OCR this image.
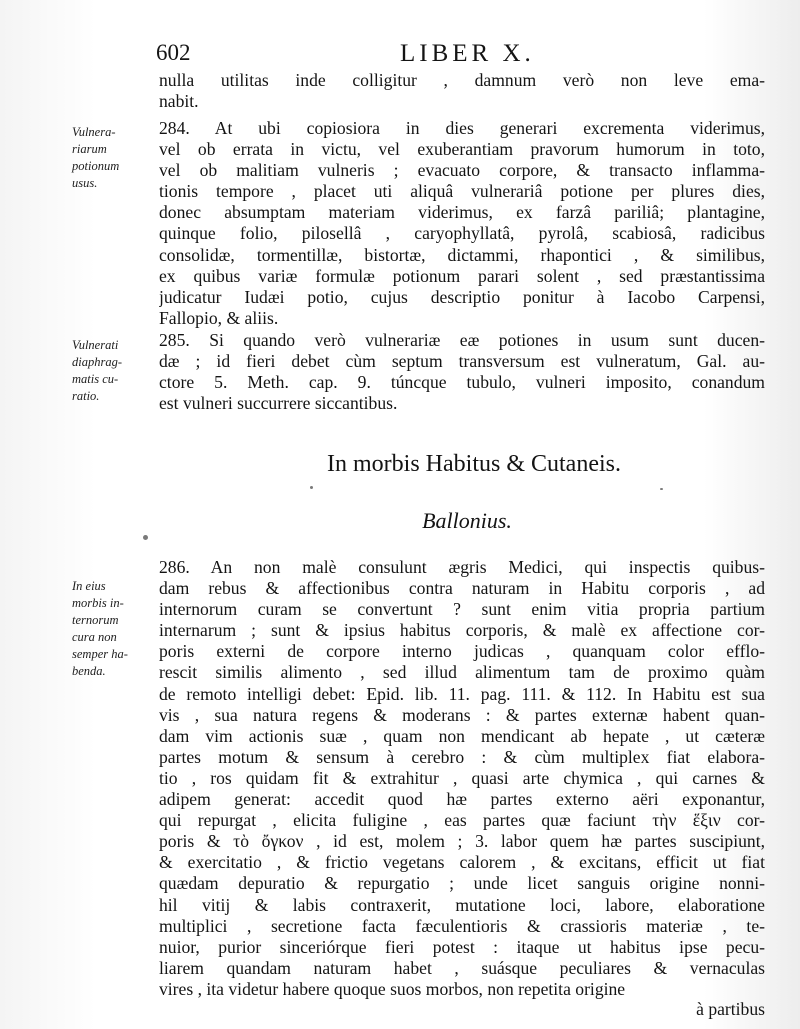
602	LIBER X.
nulla utilitas inde colligitur , damnum verò non leve ema-
nabit.
Vulnera-
riarum
potionum
usus.
284. At ubi copiosiora in dies generari excrementa viderimus,
vel ob errata in victu, vel exuberantiam pravorum humorum in toto,
vel ob malitiam vulneris ; evacuato corpore, & transacto inflamma-
tionis tempore , placet uti aliquâ vulnerariâ potione per plures dies,
donec absumptam materiam viderimus, ex farzâ pariliâ; plantagine,
quinque folio, pilosellâ , caryophyllatâ, pyrolâ, scabiosâ, radicibus
consolidæ, tormentillæ, bistortæ, dictammi, rhapontici , & similibus,
ex quibus variæ formulæ potionum parari solent , sed præstantissima
judicatur Iudæi potio, cujus descriptio ponitur à Iacobo Carpensi,
Fallopio, & aliis.
Vulnerati
diaphrag-
matis cu-
ratio.
285. Si quando verò vulnerariæ eæ potiones in usum sunt ducen-
dæ ; id fieri debet cùm septum transversum est vulneratum, Gal. au-
ctore 5. Meth. cap. 9. túncque tubulo, vulneri imposito, conandum
est vulneri succurrere siccantibus.
In morbis Habitus & Cutaneis.
Ballonius.
In eius
morbis in-
ternorum
cura non
semper ha-
benda.
286. An non malè consulunt ægris Medici, qui inspectis quibus-
dam rebus & affectionibus contra naturam in Habitu corporis , ad
internorum curam se convertunt ? sunt enim vitia propria partium
internarum ; sunt & ipsius habitus corporis, & malè ex affectione cor-
poris externi de corpore interno judicas , quanquam color efflo-
rescit similis alimento , sed illud alimentum tam de proximo quàm
de remoto intelligi debet: Epid. lib. 11. pag. 111. & 112. In Habitu est sua
vis , sua natura regens & moderans : & partes externæ habent quan-
dam vim actionis suæ , quam non mendicant ab hepate , ut cæteræ
partes motum & sensum à cerebro : & cùm multiplex fiat elabora-
tio , ros quidam fit & extrahitur , quasi arte chymica , qui carnes &
adipem generat: accedit quod hæ partes externo aëri exponantur,
qui repurgat , elicita fuligine , eas partes quæ faciunt τὴν ἕξιν cor-
poris & τὸ ὄγκον , id est, molem ; 3. labor quem hæ partes suscipiunt,
& exercitatio , & frictio vegetans calorem , & excitans, efficit ut fiat
quædam depuratio & repurgatio ; unde licet sanguis origine nonni-
hil vitij & labis contraxerit, mutatione loci, labore, elaboratione
multiplici , secretione facta fæculentioris & crassioris materiæ , te-
nuior, purior sinceriórque fieri potest : itaque ut habitus ipse pecu-
liarem quandam naturam habet , suásque peculiares & vernaculas
vires , ita videtur habere quoque suos morbos, non repetita origine
à partibus
